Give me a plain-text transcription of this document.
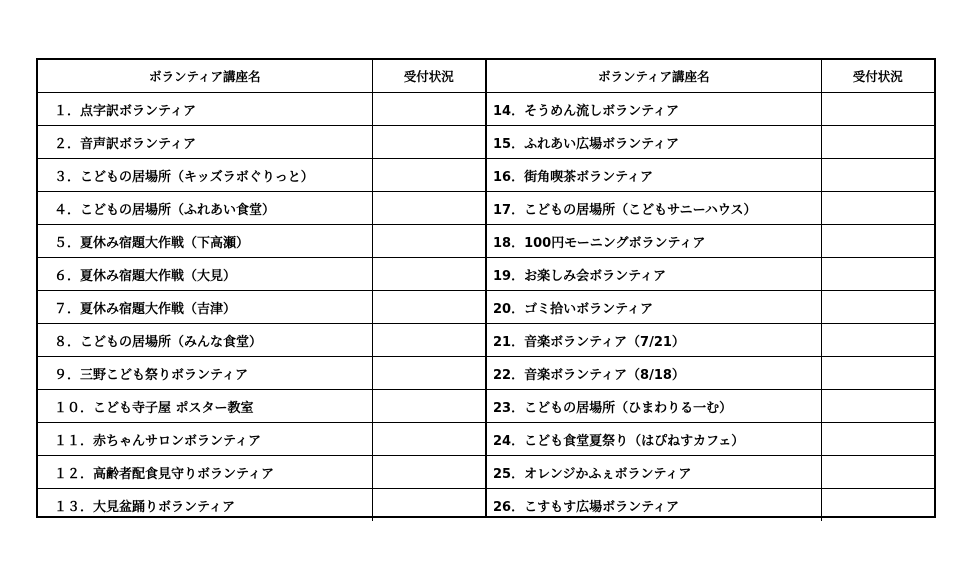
ボランティア講座名	受付状況
１．点字訳ボランティア	
２．音声訳ボランティア	
３．こどもの居場所（キッズラボぐりっと）	
４．こどもの居場所（ふれあい食堂）	
５．夏休み宿題大作戦（下高瀬）	
６．夏休み宿題大作戦（大見）	
７．夏休み宿題大作戦（吉津）	
８．こどもの居場所（みんな食堂）	
９．三野こども祭りボランティア	
１０．こども寺子屋 ポスター教室	
１１．赤ちゃんサロンボランティア	
１２．高齢者配食見守りボランティア	
１３．大見盆踊りボランティア	
ボランティア講座名	受付状況
14．そうめん流しボランティア	
15．ふれあい広場ボランティア	
16．街角喫茶ボランティア	
17．こどもの居場所（こどもサニーハウス）	
18．100円モーニングボランティア	
19．お楽しみ会ボランティア	
20．ゴミ拾いボランティア	
21．音楽ボランティア（7/21）	
22．音楽ボランティア（8/18）	
23．こどもの居場所（ひまわりる一む）	
24．こども食堂夏祭り（はぴねすカフェ）	
25．オレンジかふぇボランティア	
26．こすもす広場ボランティア	
